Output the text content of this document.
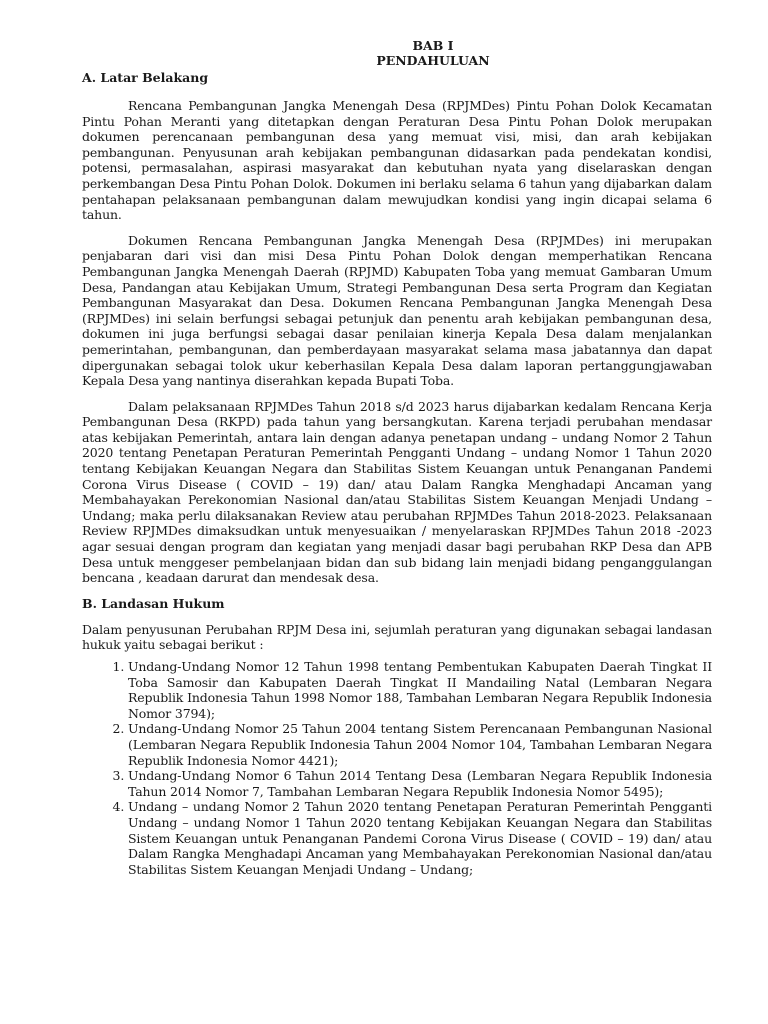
BAB I
PENDAHULUAN
A. Latar Belakang

Rencana Pembangunan Jangka Menengah Desa (RPJMDes) Pintu Pohan Dolok Kecamatan Pintu Pohan Meranti yang ditetapkan dengan Peraturan Desa Pintu Pohan Dolok merupakan dokumen perencanaan pembangunan desa yang memuat visi, misi, dan arah kebijakan pembangunan. Penyusunan arah kebijakan pembangunan didasarkan pada pendekatan kondisi, potensi, permasalahan, aspirasi masyarakat dan kebutuhan nyata yang diselaraskan dengan perkembangan Desa Pintu Pohan Dolok. Dokumen ini berlaku selama 6 tahun yang dijabarkan dalam pentahapan pelaksanaan pembangunan dalam mewujudkan kondisi yang ingin dicapai selama 6 tahun.

Dokumen Rencana Pembangunan Jangka Menengah Desa (RPJMDes) ini merupakan penjabaran dari visi dan misi Desa Pintu Pohan Dolok dengan memperhatikan Rencana Pembangunan Jangka Menengah Daerah (RPJMD) Kabupaten Toba yang memuat Gambaran Umum Desa, Pandangan atau Kebijakan Umum, Strategi Pembangunan Desa serta Program dan Kegiatan Pembangunan Masyarakat dan Desa. Dokumen Rencana Pembangunan Jangka Menengah Desa (RPJMDes) ini selain berfungsi sebagai petunjuk dan penentu arah kebijakan pembangunan desa, dokumen ini juga berfungsi sebagai dasar penilaian kinerja Kepala Desa dalam menjalankan pemerintahan, pembangunan, dan pemberdayaan masyarakat selama masa jabatannya dan dapat dipergunakan sebagai tolok ukur keberhasilan Kepala Desa dalam laporan pertanggungjawaban Kepala Desa yang nantinya diserahkan kepada Bupati Toba.

Dalam pelaksanaan RPJMDes Tahun 2018 s/d 2023 harus dijabarkan kedalam Rencana Kerja Pembangunan Desa (RKPD) pada tahun yang bersangkutan. Karena terjadi perubahan mendasar atas kebijakan Pemerintah, antara lain dengan adanya penetapan undang – undang Nomor 2 Tahun 2020 tentang Penetapan Peraturan Pemerintah Pengganti Undang – undang Nomor 1 Tahun 2020 tentang Kebijakan Keuangan Negara dan Stabilitas Sistem Keuangan untuk Penanganan Pandemi Corona Virus Disease ( COVID – 19) dan/ atau Dalam Rangka Menghadapi Ancaman yang Membahayakan Perekonomian Nasional dan/atau Stabilitas Sistem Keuangan Menjadi Undang – Undang; maka perlu dilaksanakan Review atau perubahan RPJMDes Tahun 2018-2023. Pelaksanaan Review RPJMDes dimaksudkan untuk menyesuaikan / menyelaraskan RPJMDes Tahun 2018 -2023 agar sesuai dengan program dan kegiatan yang menjadi dasar bagi perubahan RKP Desa dan APB Desa untuk menggeser pembelanjaan bidan dan sub bidang lain menjadi bidang penganggulangan bencana , keadaan darurat dan mendesak desa.

B. Landasan Hukum

Dalam penyusunan Perubahan RPJM Desa ini, sejumlah peraturan yang digunakan sebagai landasan hukuk yaitu sebagai berikut :

1. Undang-Undang Nomor 12 Tahun 1998 tentang Pembentukan Kabupaten Daerah Tingkat II Toba Samosir dan Kabupaten Daerah Tingkat II Mandailing Natal (Lembaran Negara Republik Indonesia Tahun 1998 Nomor 188, Tambahan Lembaran Negara Republik Indonesia Nomor 3794);
2. Undang-Undang Nomor 25 Tahun 2004 tentang Sistem Perencanaan Pembangunan Nasional (Lembaran Negara Republik Indonesia Tahun 2004 Nomor 104, Tambahan Lembaran Negara Republik Indonesia Nomor 4421);
3. Undang-Undang Nomor 6 Tahun 2014 Tentang Desa (Lembaran Negara Republik Indonesia Tahun 2014 Nomor 7, Tambahan Lembaran Negara Republik Indonesia Nomor 5495);
4. Undang – undang Nomor 2 Tahun 2020 tentang Penetapan Peraturan Pemerintah Pengganti Undang – undang Nomor 1 Tahun 2020 tentang Kebijakan Keuangan Negara dan Stabilitas Sistem Keuangan untuk Penanganan Pandemi Corona Virus Disease ( COVID – 19) dan/ atau Dalam Rangka Menghadapi Ancaman yang Membahayakan Perekonomian Nasional dan/atau Stabilitas Sistem Keuangan Menjadi Undang – Undang;
